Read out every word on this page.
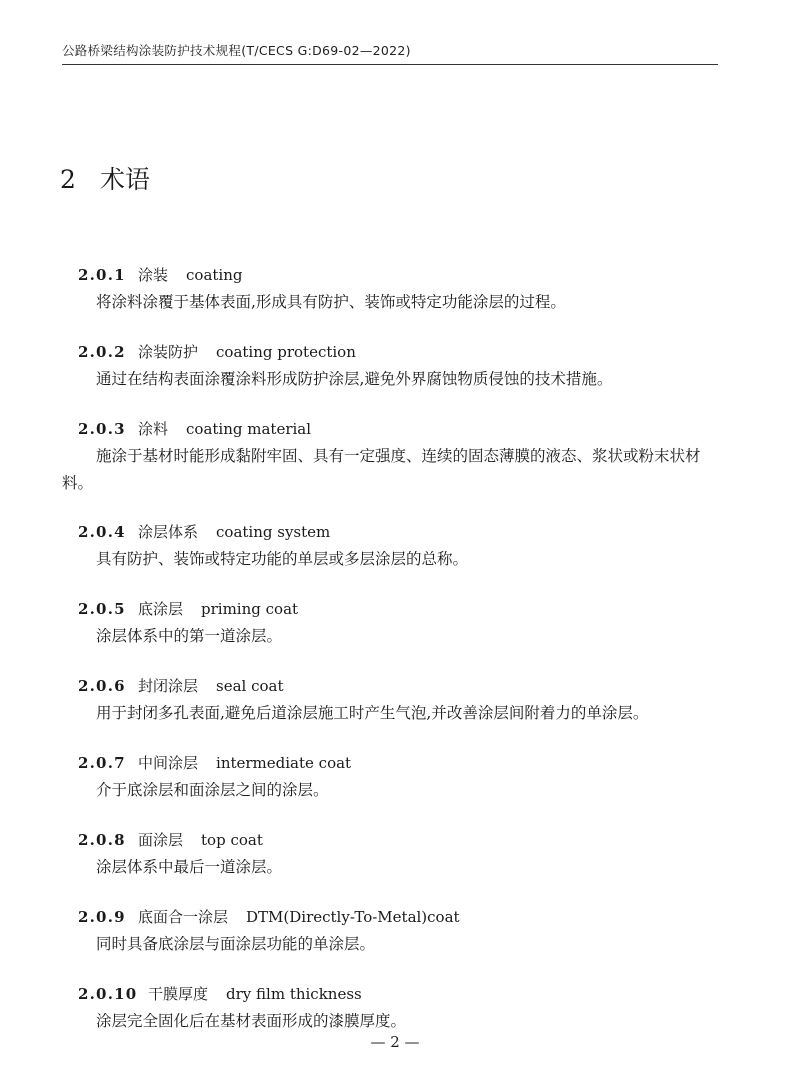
公路桥梁结构涂装防护技术规程(T/CECS G:D69-02—2022)
2 术语
2.0.1 涂装 coating
将涂料涂覆于基体表面,形成具有防护、装饰或特定功能涂层的过程。
2.0.2 涂装防护 coating protection
通过在结构表面涂覆涂料形成防护涂层,避免外界腐蚀物质侵蚀的技术措施。
2.0.3 涂料 coating material
施涂于基材时能形成黏附牢固、具有一定强度、连续的固态薄膜的液态、浆状或粉末状材料。
2.0.4 涂层体系 coating system
具有防护、装饰或特定功能的单层或多层涂层的总称。
2.0.5 底涂层 priming coat
涂层体系中的第一道涂层。
2.0.6 封闭涂层 seal coat
用于封闭多孔表面,避免后道涂层施工时产生气泡,并改善涂层间附着力的单涂层。
2.0.7 中间涂层 intermediate coat
介于底涂层和面涂层之间的涂层。
2.0.8 面涂层 top coat
涂层体系中最后一道涂层。
2.0.9 底面合一涂层 DTM(Directly-To-Metal)coat
同时具备底涂层与面涂层功能的单涂层。
2.0.10 干膜厚度 dry film thickness
涂层完全固化后在基材表面形成的漆膜厚度。
— 2 —
